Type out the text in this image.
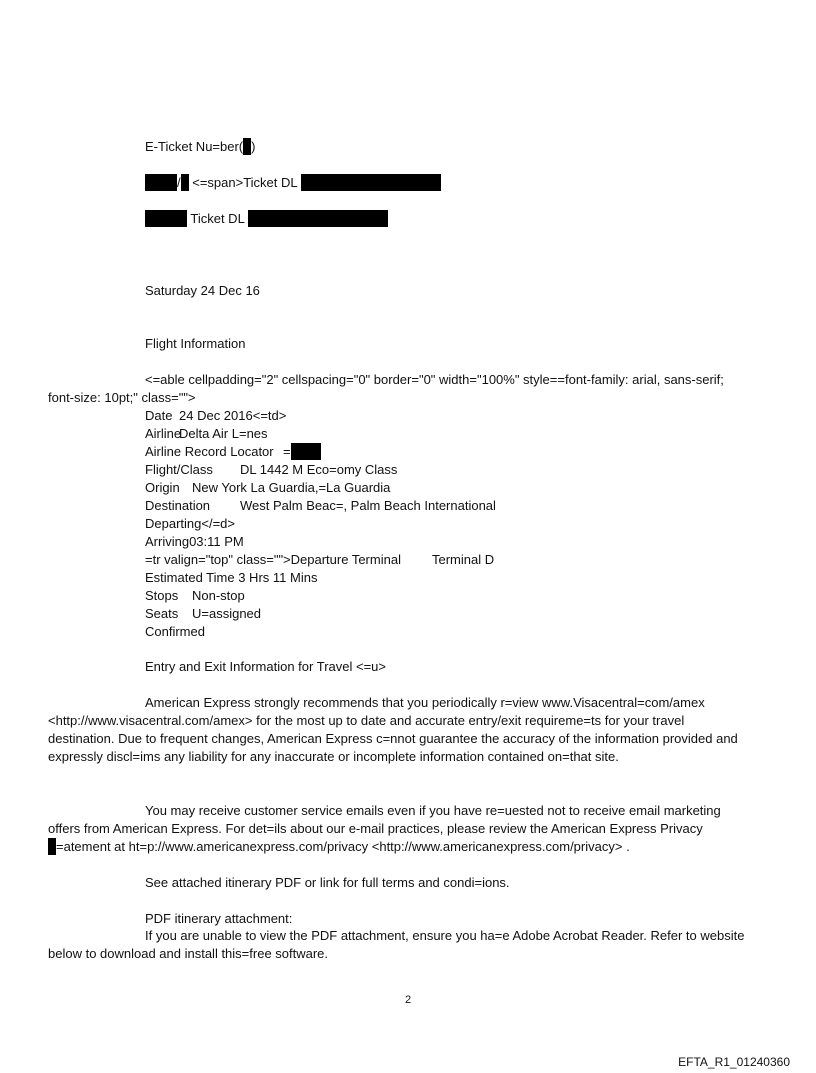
E-Ticket Nu=ber( )
/ <=span>Ticket DL
Ticket DL
Saturday 24 Dec 16
Flight Information
<=able cellpadding="2" cellspacing="0" border="0" width="100%" style==font-family: arial, sans-serif;
font-size: 10pt;" class="">
Date 24 Dec 2016<=td>
AirlineDelta Air L=nes
Airline Record Locator =
Flight/Class DL 1442 M Eco=omy Class
Origin New York La Guardia,=La Guardia
Destination West Palm Beac=, Palm Beach International
Departing</=d>
Arriving03:11 PM
=tr valign="top" class="">Departure Terminal Terminal D
Estimated Time 3 Hrs 11 Mins
Stops Non-stop
Seats U=assigned
Confirmed
Entry and Exit Information for Travel <=u>
American Express strongly recommends that you periodically r=view www.Visacentral=com/amex
<http://www.visacentral.com/amex> for the most up to date and accurate entry/exit requireme=ts for your travel
destination. Due to frequent changes, American Express c=nnot guarantee the accuracy of the information provided and
expressly discl=ims any liability for any inaccurate or incomplete information contained on=that site.
You may receive customer service emails even if you have re=uested not to receive email marketing
offers from American Express. For det=ils about our e-mail practices, please review the American Express Privacy
=atement at ht=p://www.americanexpress.com/privacy <http://www.americanexpress.com/privacy> .
See attached itinerary PDF or link for full terms and condi=ions.
PDF itinerary attachment:
If you are unable to view the PDF attachment, ensure you ha=e Adobe Acrobat Reader. Refer to website
below to download and install this=free software.
2
EFTA_R1_01240360
